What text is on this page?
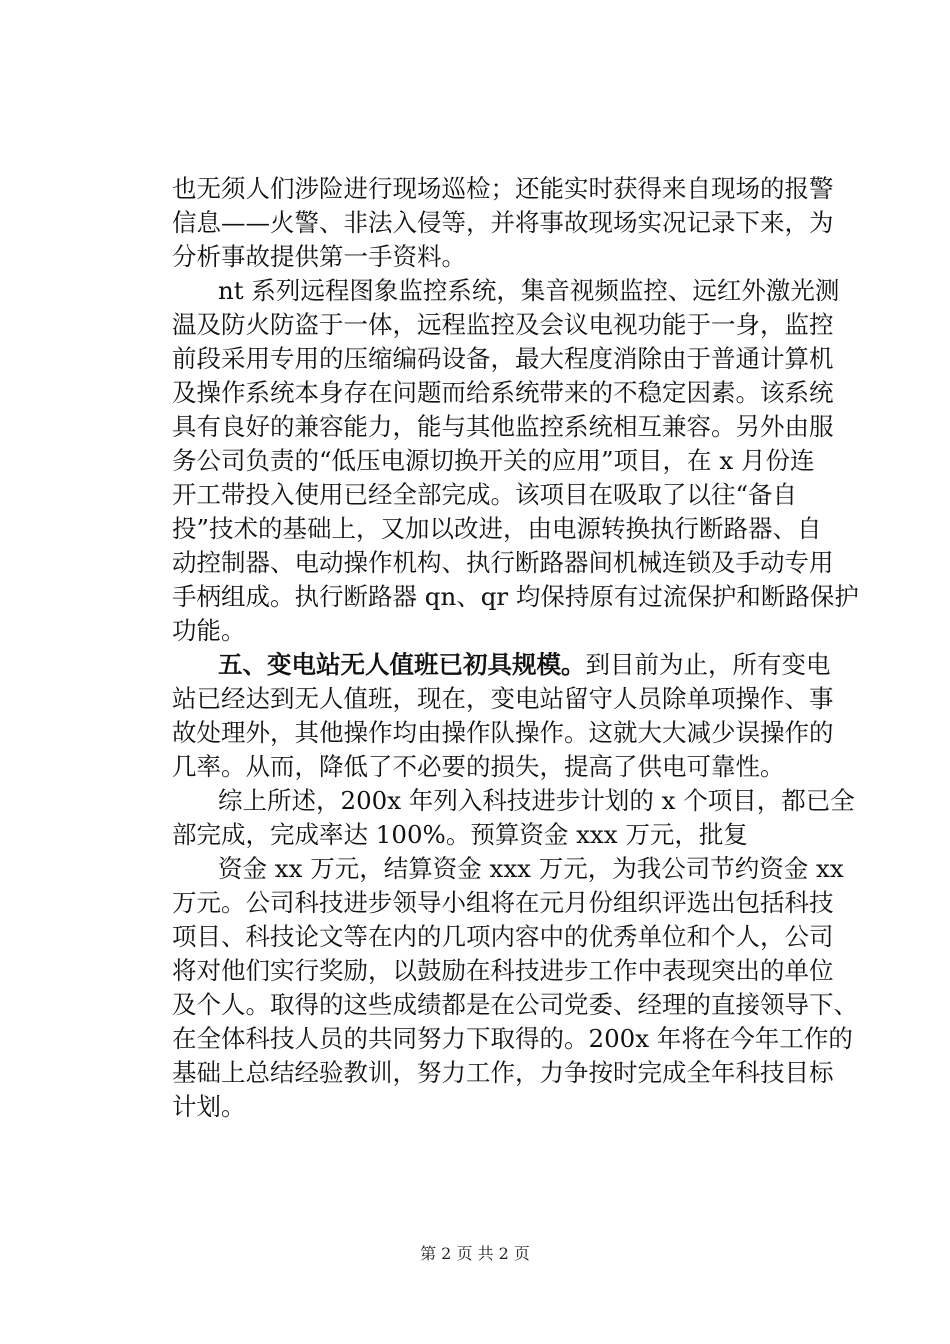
也无须人们涉险进行现场巡检；还能实时获得来自现场的报警

信息——火警、非法入侵等，并将事故现场实况记录下来，为

分析事故提供第一手资料。

nt 系列远程图象监控系统，集音视频监控、远红外激光测

温及防火防盗于一体，远程监控及会议电视功能于一身，监控

前段采用专用的压缩编码设备，最大程度消除由于普通计算机

及操作系统本身存在问题而给系统带来的不稳定因素。该系统

具有良好的兼容能力，能与其他监控系统相互兼容。另外由服

务公司负责的“低压电源切换开关的应用”项目，在 x 月份连

开工带投入使用已经全部完成。该项目在吸取了以往“备自

投”技术的基础上，又加以改进，由电源转换执行断路器、自

动控制器、电动操作机构、执行断路器间机械连锁及手动专用

手柄组成。执行断路器 qn、qr 均保持原有过流保护和断路保护

功能。

五、变电站无人值班已初具规模。到目前为止，所有变电

站已经达到无人值班，现在，变电站留守人员除单项操作、事

故处理外，其他操作均由操作队操作。这就大大减少误操作的

几率。从而，降低了不必要的损失，提高了供电可靠性。

综上所述，200x 年列入科技进步计划的 x 个项目，都已全

部完成，完成率达 100%。预算资金 xxx 万元，批复

资金 xx 万元，结算资金 xxx 万元，为我公司节约资金 xx

万元。公司科技进步领导小组将在元月份组织评选出包括科技

项目、科技论文等在内的几项内容中的优秀单位和个人，公司

将对他们实行奖励，以鼓励在科技进步工作中表现突出的单位

及个人。取得的这些成绩都是在公司党委、经理的直接领导下、

在全体科技人员的共同努力下取得的。200x 年将在今年工作的

基础上总结经验教训，努力工作，力争按时完成全年科技目标

计划。

第 2 页 共 2 页
